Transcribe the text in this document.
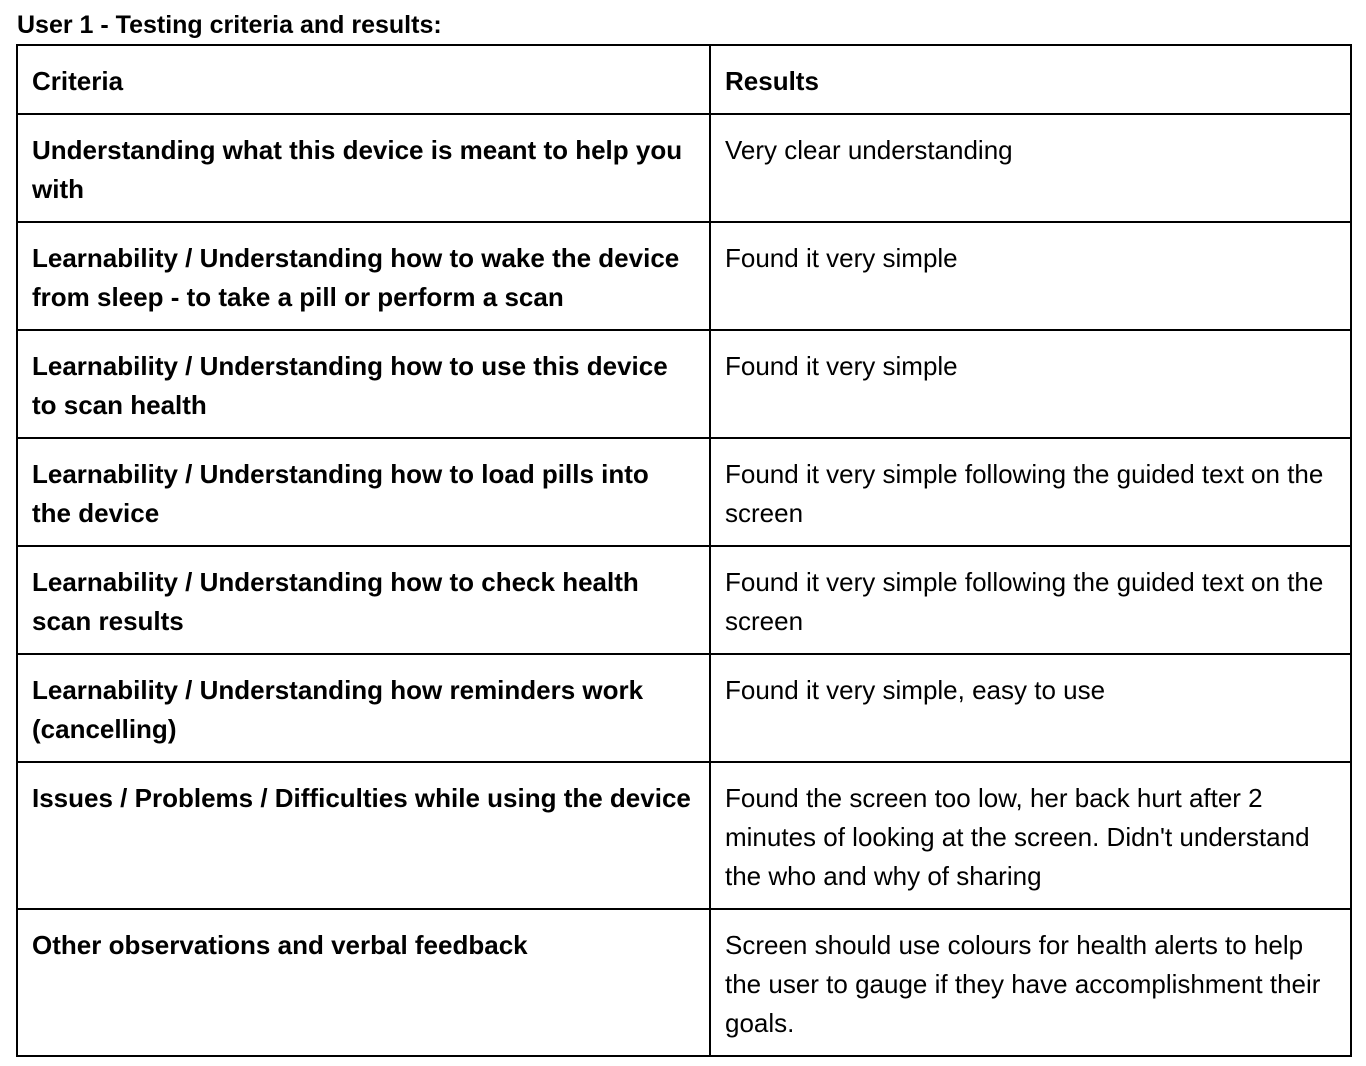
User 1 - Testing criteria and results:
Criteria	Results
Understanding what this device is meant to help you with	Very clear understanding
Learnability / Understanding how to wake the device from sleep - to take a pill or perform a scan	Found it very simple
Learnability / Understanding how to use this device to scan health	Found it very simple
Learnability / Understanding how to load pills into the device	Found it very simple following the guided text on the screen
Learnability / Understanding how to check health scan results	Found it very simple following the guided text on the screen
Learnability / Understanding how reminders work (cancelling)	Found it very simple, easy to use
Issues / Problems / Difficulties while using the device	Found the screen too low, her back hurt after 2 minutes of looking at the screen. Didn't understand the who and why of sharing
Other observations and verbal feedback	Screen should use colours for health alerts to help the user to gauge if they have accomplishment their goals.
